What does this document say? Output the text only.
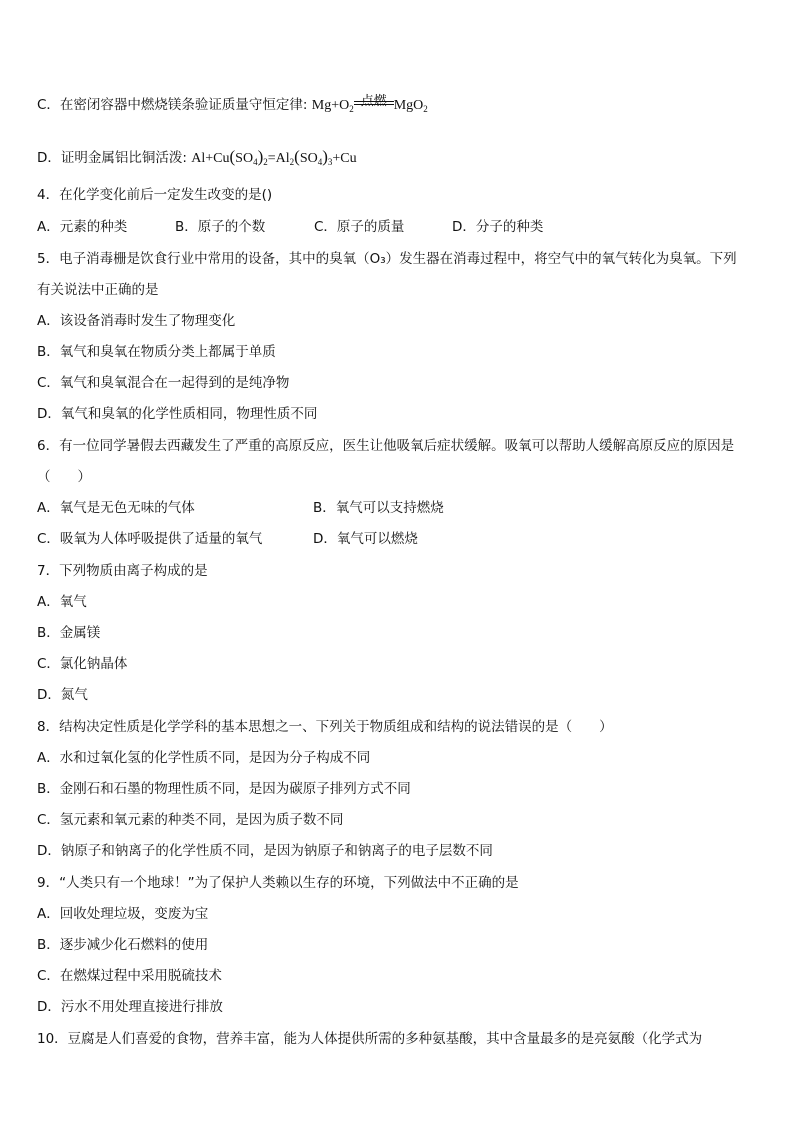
C．在密闭容器中燃烧镁条验证质量守恒定律: $Mg+O_2$ 点燃 MgO$_2$
D．证明金属铝比铜活泼: $Al+Cu(SO_4)_2=Al_2(SO_4)_3+Cu$
4．在化学变化前后一定发生改变的是()
A．元素的种类	B．原子的个数	C．原子的质量	D．分子的种类
5．电子消毒栅是饮食行业中常用的设备，其中的臭氧（O₃）发生器在消毒过程中，将空气中的氧气转化为臭氧。下列
有关说法中正确的是
A．该设备消毒时发生了物理变化
B．氧气和臭氧在物质分类上都属于单质
C．氧气和臭氧混合在一起得到的是纯净物
D．氧气和臭氧的化学性质相同，物理性质不同
6．有一位同学暑假去西藏发生了严重的高原反应，医生让他吸氧后症状缓解。吸氧可以帮助人缓解高原反应的原因是
（　　）
A．氧气是无色无味的气体	B．氧气可以支持燃烧
C．吸氧为人体呼吸提供了适量的氧气	D．氧气可以燃烧
7．下列物质由离子构成的是
A．氧气
B．金属镁
C．氯化钠晶体
D．氮气
8．结构决定性质是化学学科的基本思想之一、下列关于物质组成和结构的说法错误的是（　　）
A．水和过氧化氢的化学性质不同，是因为分子构成不同
B．金刚石和石墨的物理性质不同，是因为碳原子排列方式不同
C．氢元素和氧元素的种类不同，是因为质子数不同
D．钠原子和钠离子的化学性质不同，是因为钠原子和钠离子的电子层数不同
9．“人类只有一个地球！”为了保护人类赖以生存的环境，下列做法中不正确的是
A．回收处理垃圾，变废为宝
B．逐步减少化石燃料的使用
C．在燃煤过程中采用脱硫技术
D．污水不用处理直接进行排放
10．豆腐是人们喜爱的食物，营养丰富，能为人体提供所需的多种氨基酸，其中含量最多的是亮氨酸（化学式为
